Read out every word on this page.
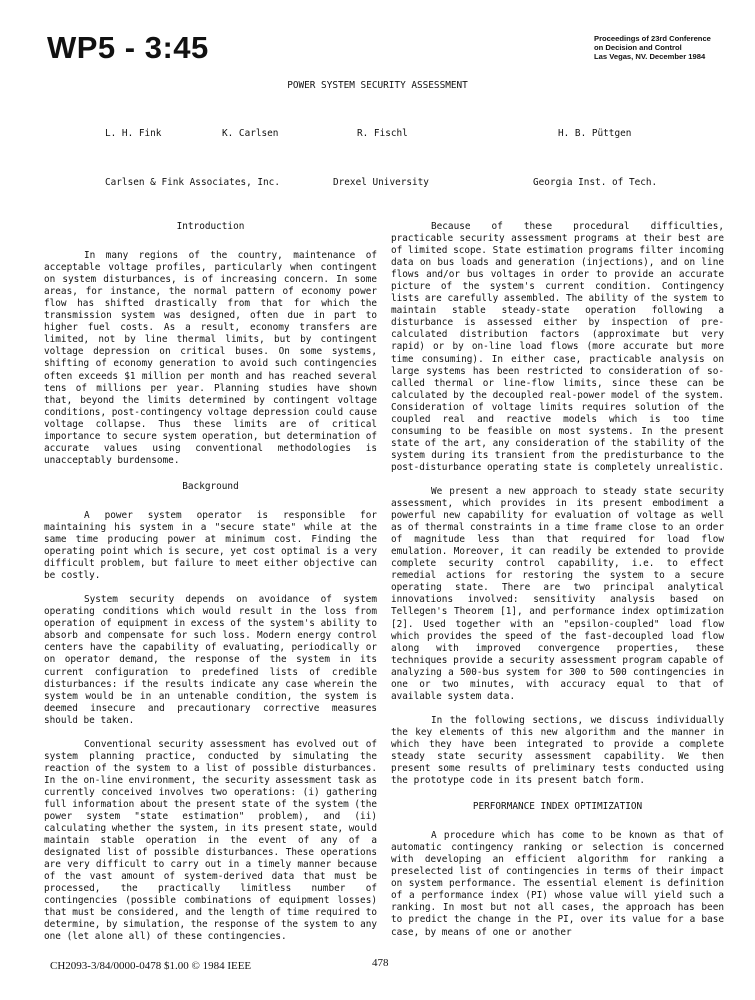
WP5 - 3:45	Proceedings of 23rd Conference
on Decision and Control
Las Vegas, NV. December 1984
POWER SYSTEM SECURITY ASSESSMENT
L. H. Fink	K. Carlsen	R. Fischl	H. B. Püttgen
Carlsen & Fink Associates, Inc.	Drexel University	Georgia Inst. of Tech.
Introduction

In many regions of the country, maintenance of acceptable voltage profiles, particularly when contingent on system disturbances, is of increasing concern. In some areas, for instance, the normal pattern of economy power flow has shifted drastically from that for which the transmission system was designed, often due in part to higher fuel costs. As a result, economy transfers are limited, not by line thermal limits, but by contingent voltage depression on critical buses. On some systems, shifting of economy generation to avoid such contingencies often exceeds $1 million per month and has reached several tens of millions per year. Planning studies have shown that, beyond the limits determined by contingent voltage conditions, post-contingency voltage depression could cause voltage collapse. Thus these limits are of critical importance to secure system operation, but determination of accurate values using conventional methodologies is unacceptably burdensome.

Background

A power system operator is responsible for maintaining his system in a "secure state" while at the same time producing power at minimum cost. Finding the operating point which is secure, yet cost optimal is a very difficult problem, but failure to meet either objective can be costly.

System security depends on avoidance of system operating conditions which would result in the loss from operation of equipment in excess of the system's ability to absorb and compensate for such loss. Modern energy control centers have the capability of evaluating, periodically or on operator demand, the response of the system in its current configuration to predefined lists of credible disturbances: if the results indicate any case wherein the system would be in an untenable condition, the system is deemed insecure and precautionary corrective measures should be taken.

Conventional security assessment has evolved out of system planning practice, conducted by simulating the reaction of the system to a list of possible disturbances. In the on-line environment, the security assessment task as currently conceived involves two operations: (i) gathering full information about the present state of the system (the power system "state estimation" problem), and (ii) calculating whether the system, in its present state, would maintain stable operation in the event of any of a designated list of possible disturbances. These operations are very difficult to carry out in a timely manner because of the vast amount of system-derived data that must be processed, the practically limitless number of contingencies (possible combinations of equipment losses) that must be considered, and the length of time required to determine, by simulation, the response of the system to any one (let alone all) of these contingencies.

Because of these procedural difficulties, practicable security assessment programs at their best are of limited scope. State estimation programs filter incoming data on bus loads and generation (injections), and on line flows and/or bus voltages in order to provide an accurate picture of the system's current condition. Contingency lists are carefully assembled. The ability of the system to maintain stable steady-state operation following a disturbance is assessed either by inspection of pre-calculated distribution factors (approximate but very rapid) or by on-line load flows (more accurate but more time consuming). In either case, practicable analysis on large systems has been restricted to consideration of so-called thermal or line-flow limits, since these can be calculated by the decoupled real-power model of the system. Consideration of voltage limits requires solution of the coupled real and reactive models which is too time consuming to be feasible on most systems. In the present state of the art, any consideration of the stability of the system during its transient from the predisturbance to the post-disturbance operating state is completely unrealistic.

We present a new approach to steady state security assessment, which provides in its present embodiment a powerful new capability for evaluation of voltage as well as of thermal constraints in a time frame close to an order of magnitude less than that required for load flow emulation. Moreover, it can readily be extended to provide complete security control capability, i.e. to effect remedial actions for restoring the system to a secure operating state. There are two principal analytical innovations involved: sensitivity analysis based on Tellegen's Theorem [1], and performance index optimization [2]. Used together with an "epsilon-coupled" load flow which provides the speed of the fast-decoupled load flow along with improved convergence properties, these techniques provide a security assessment program capable of analyzing a 500-bus system for 300 to 500 contingencies in one or two minutes, with accuracy equal to that of available system data.

In the following sections, we discuss individually the key elements of this new algorithm and the manner in which they have been integrated to provide a complete steady state security assessment capability. We then present some results of preliminary tests conducted using the prototype code in its present batch form.

PERFORMANCE INDEX OPTIMIZATION

A procedure which has come to be known as that of automatic contingency ranking or selection is concerned with developing an efficient algorithm for ranking a preselected list of contingencies in terms of their impact on system performance. The essential element is definition of a performance index (PI) whose value will yield such a ranking. In most but not all cases, the approach has been to predict the change in the PI, over its value for a base case, by means of one or another

CH2093-3/84/0000-0478 $1.00 © 1984 IEEE	478
